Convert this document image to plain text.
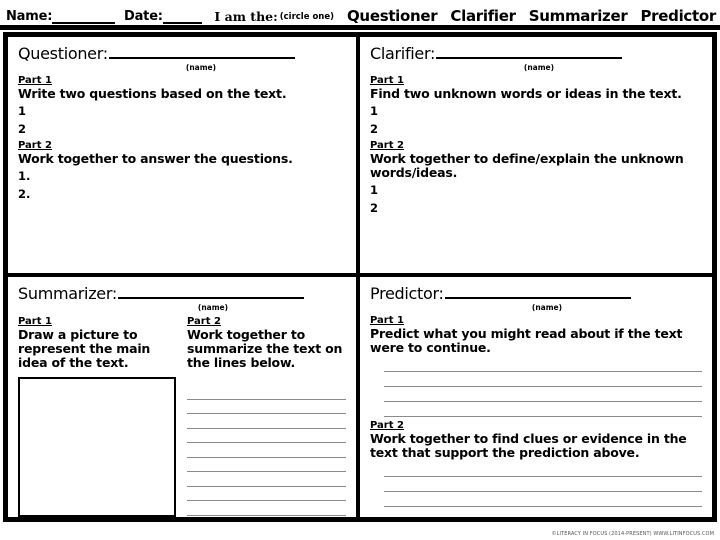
Name:	Date:	I am the: (circle one) Questioner Clarifier Summarizer Predictor
Questioner:
(name)
Part 1
Write two questions based on the text.
1
2
Part 2
Work together to answer the questions.
1.
2.
Clarifier:
(name)
Part 1
Find two unknown words or ideas in the text.
1
2
Part 2
Work together to define/explain the unknown words/ideas.
1
2
Summarizer:
(name)
Part 1
Draw a picture to represent the main idea of the text.
Part 2
Work together to summarize the text on the lines below.
Predictor:
(name)
Part 1
Predict what you might read about if the text were to continue.
Part 2
Work together to find clues or evidence in the text that support the prediction above.
©LITERACY IN FOCUS (2014-PRESENT) WWW.LITINFOCUS.COM
